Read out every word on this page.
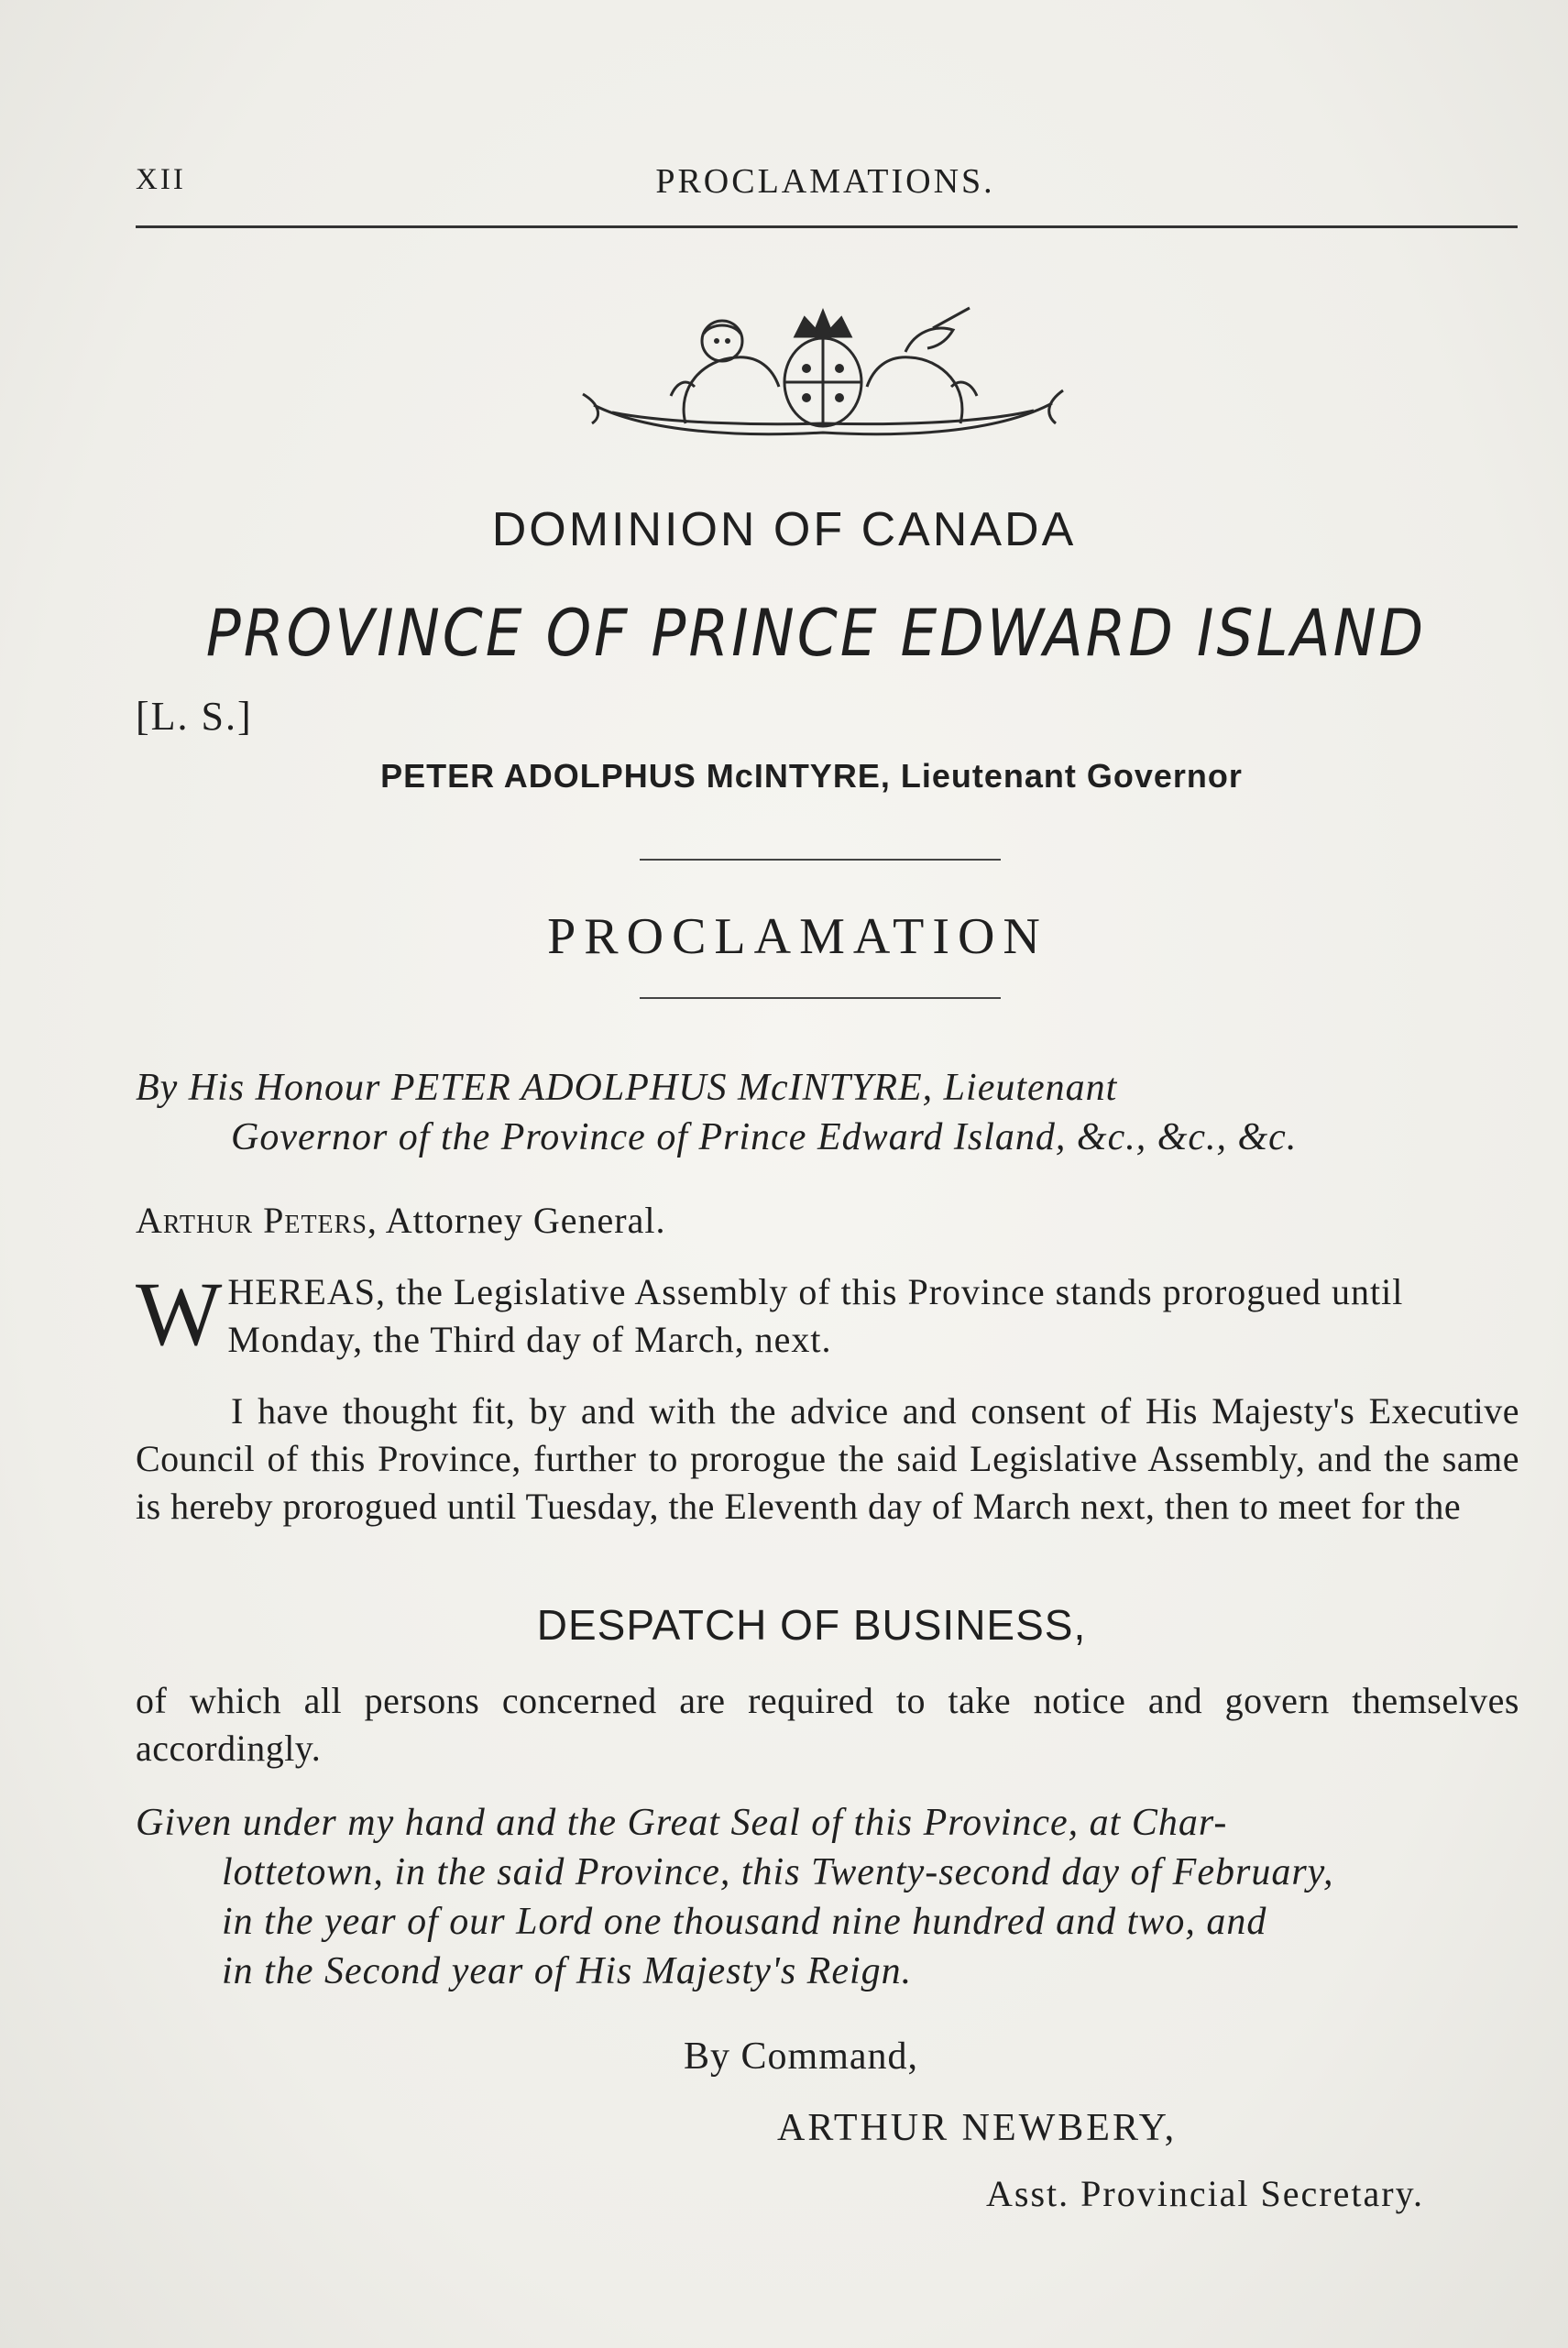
XII	PROCLAMATIONS.
DOMINION OF CANADA
PROVINCE OF PRINCE EDWARD ISLAND
[L. S.]
PETER ADOLPHUS McINTYRE, Lieutenant Governor
PROCLAMATION
By His Honour PETER ADOLPHUS McINTYRE, Lieutenant
Governor of the Province of Prince Edward Island, &c., &c., &c.
Arthur Peters, Attorney General.
W HEREAS, the Legislative Assembly of this Province stands prorogued until Monday, the Third day of March, next.
I have thought fit, by and with the advice and consent of His Majesty's Executive Council of this Province, further to prorogue the said Legislative Assembly, and the same is hereby prorogued until Tuesday, the Eleventh day of March next, then to meet for the
DESPATCH OF BUSINESS,
of which all persons concerned are required to take notice and govern themselves accordingly.
Given under my hand and the Great Seal of this Province, at Char-
lottetown, in the said Province, this Twenty-second day of February,
in the year of our Lord one thousand nine hundred and two, and
in the Second year of His Majesty's Reign.
By Command,
ARTHUR NEWBERY,
Asst. Provincial Secretary.
